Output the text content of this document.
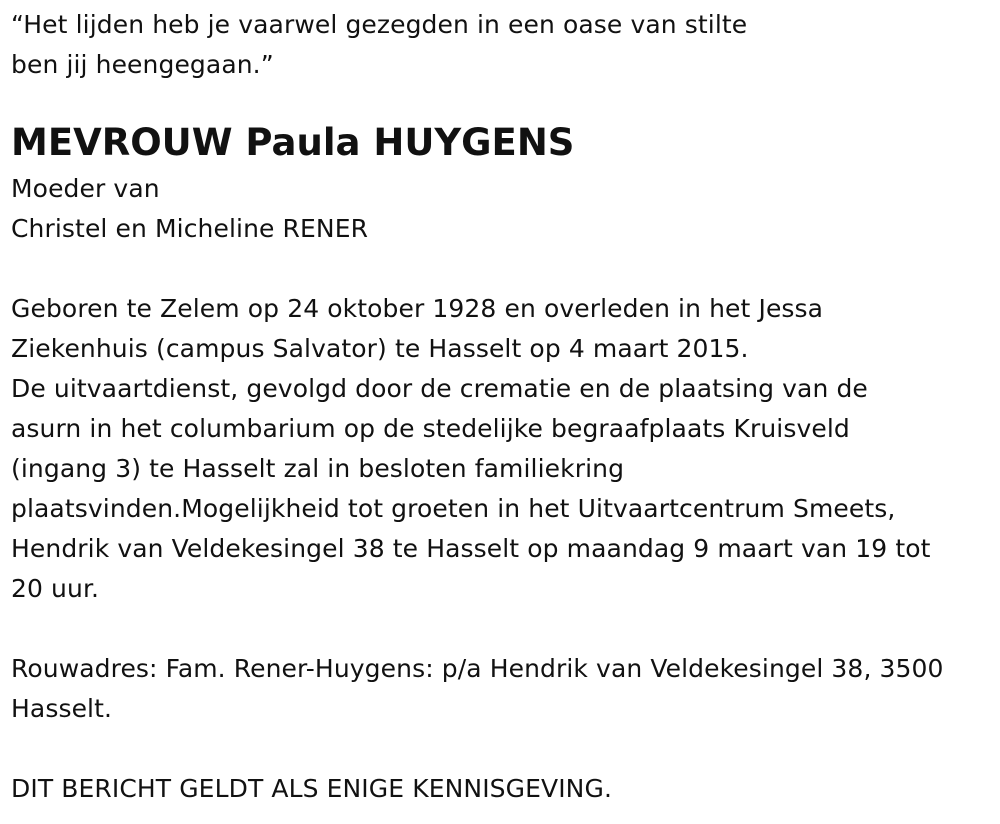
“Het lijden heb je vaarwel gezegden in een oase van stilte
ben jij heengegaan.”
MEVROUW Paula HUYGENS
Moeder van
Christel en Micheline RENER
Geboren te Zelem op 24 oktober 1928 en overleden in het Jessa
Ziekenhuis (campus Salvator) te Hasselt op 4 maart 2015.
De uitvaartdienst, gevolgd door de crematie en de plaatsing van de
asurn in het columbarium op de stedelijke begraafplaats Kruisveld
(ingang 3) te Hasselt zal in besloten familiekring
plaatsvinden.Mogelijkheid tot groeten in het Uitvaartcentrum Smeets,
Hendrik van Veldekesingel 38 te Hasselt op maandag 9 maart van 19 tot
20 uur.
Rouwadres: Fam. Rener-Huygens: p/a Hendrik van Veldekesingel 38, 3500
Hasselt.
DIT BERICHT GELDT ALS ENIGE KENNISGEVING.
